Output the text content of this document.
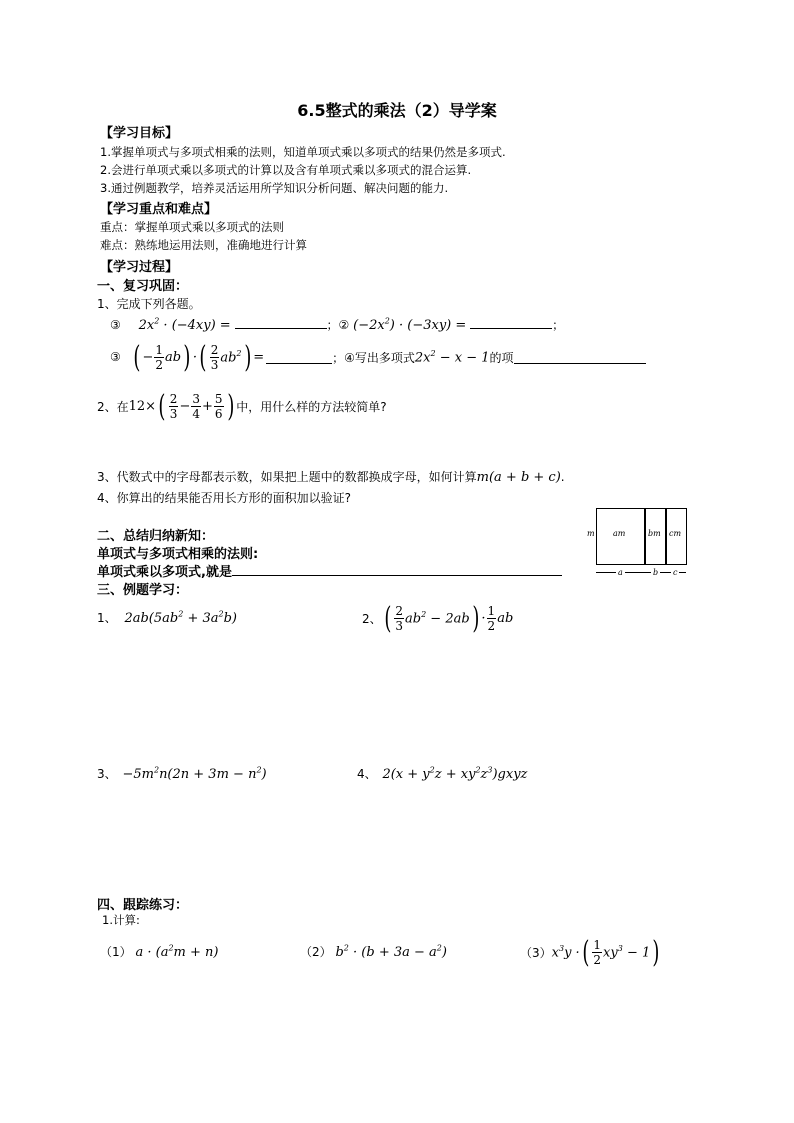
6.5整式的乘法（2）导学案
【学习目标】
1.掌握单项式与多项式相乘的法则，知道单项式乘以多项式的结果仍然是多项式.
2.会进行单项式乘以多项式的计算以及含有单项式乘以多项式的混合运算.
3.通过例题教学，培养灵活运用所学知识分析问题、解决问题的能力.
【学习重点和难点】
重点：掌握单项式乘以多项式的法则
难点：熟练地运用法则，准确地进行计算
【学习过程】
一、复习巩固：
1、完成下列各题。
③ $2x^2 \cdot (-4xy)$ =	；② $(-2x^2) \cdot (-3xy)$ =	；
③ ( − $\frac{1}{2}$ ab ) · ( $\frac{2}{3} ab^2$ ) =	；④写出多项式 $2x^2 - x - 1$ 的项
2、在 12× ( $\frac{2}{3} - \frac{3}{4} + \frac{5}{6}$ ) 中，用什么样的方法较简单?
3、代数式中的字母都表示数，如果把上题中的数都换成字母，如何计算m(a + b + c).
4、你算出的结果能否用长方形的面积加以验证?
二、总结归纳新知：
单项式与多项式相乘的法则:
单项式乘以多项式,就是
m am	bm cm
a	b c
三、例题学习：
1、 $2ab(5ab^2 + 3a^2b)$	2、 ( $\frac{2}{3} ab^2 - 2ab$ ) · $\frac{1}{2}$ ab
3、 $-5m^2n(2n + 3m - n^2)$	4、 $2(x + y^2z$ + $xy^2z^3)gxyz$
四、跟踪练习：
1.计算:
（1） $a \cdot (a^2m + n)$	（2） $b^2 \cdot (b + 3a - a^2)$	（3） $x^3y$ · ( $\frac{1}{2} xy^3 - 1$ )
